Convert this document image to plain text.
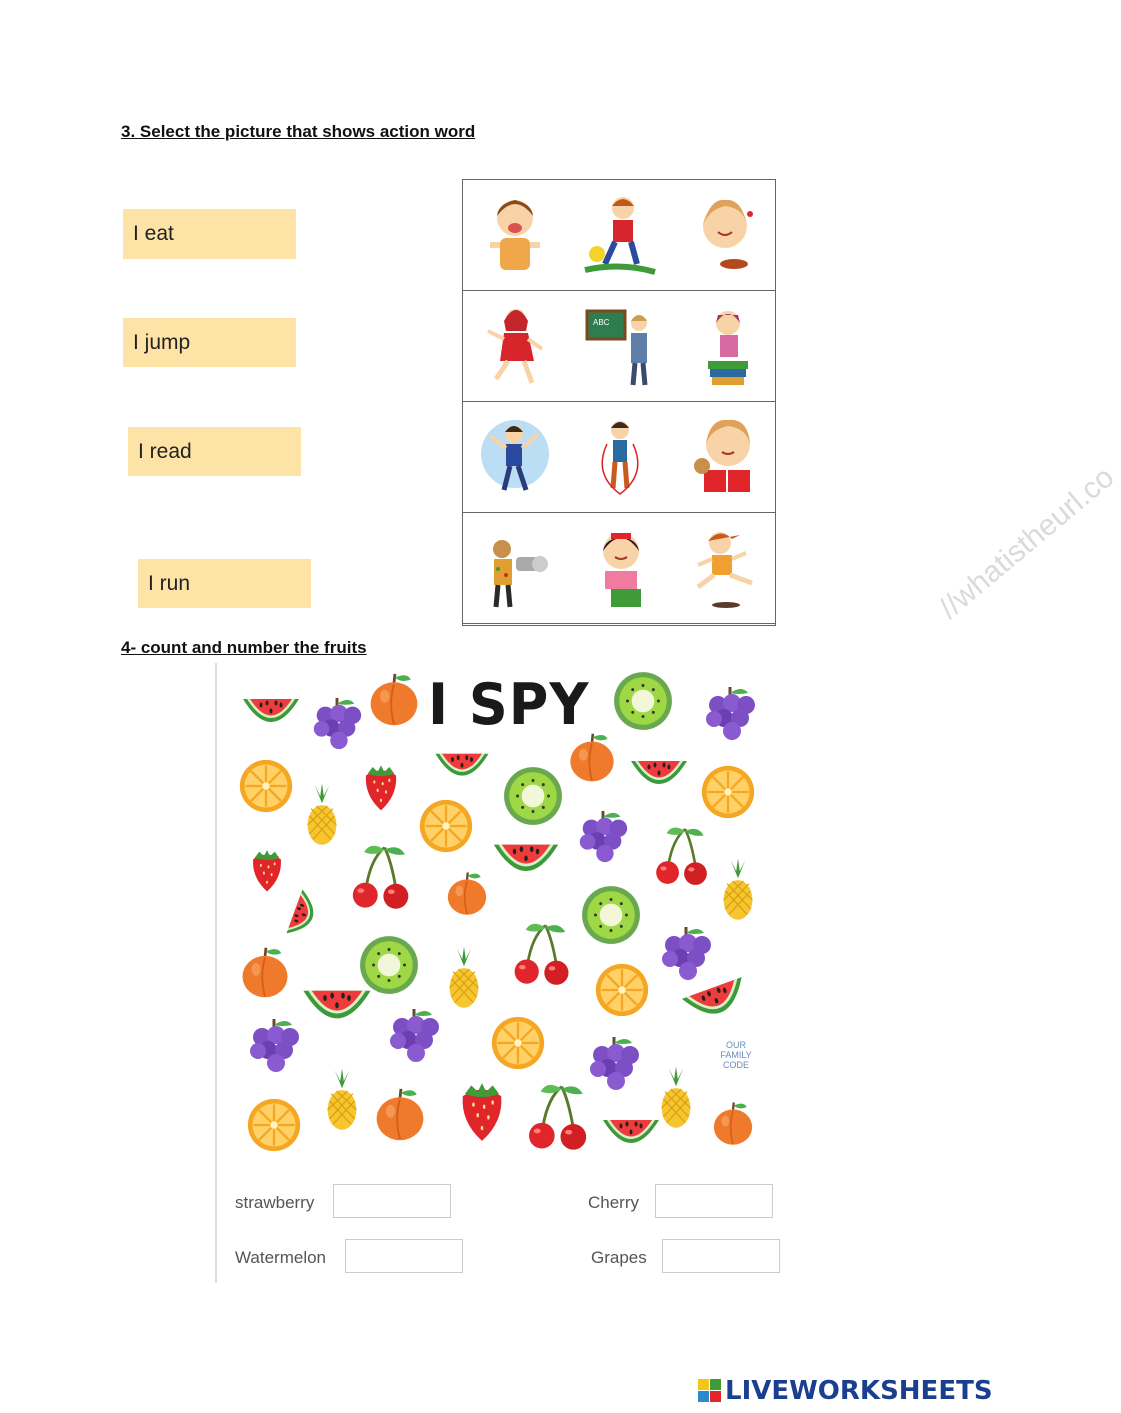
3. Select the picture that shows action word
I eat
I jump
I read
I run
ABC
//whatistheurl.co
4- count and number the fruits
I SPY
OUR
FAMILY
CODE
strawberry	Cherry
Watermelon	Grapes
LIVEWORKSHEETS
